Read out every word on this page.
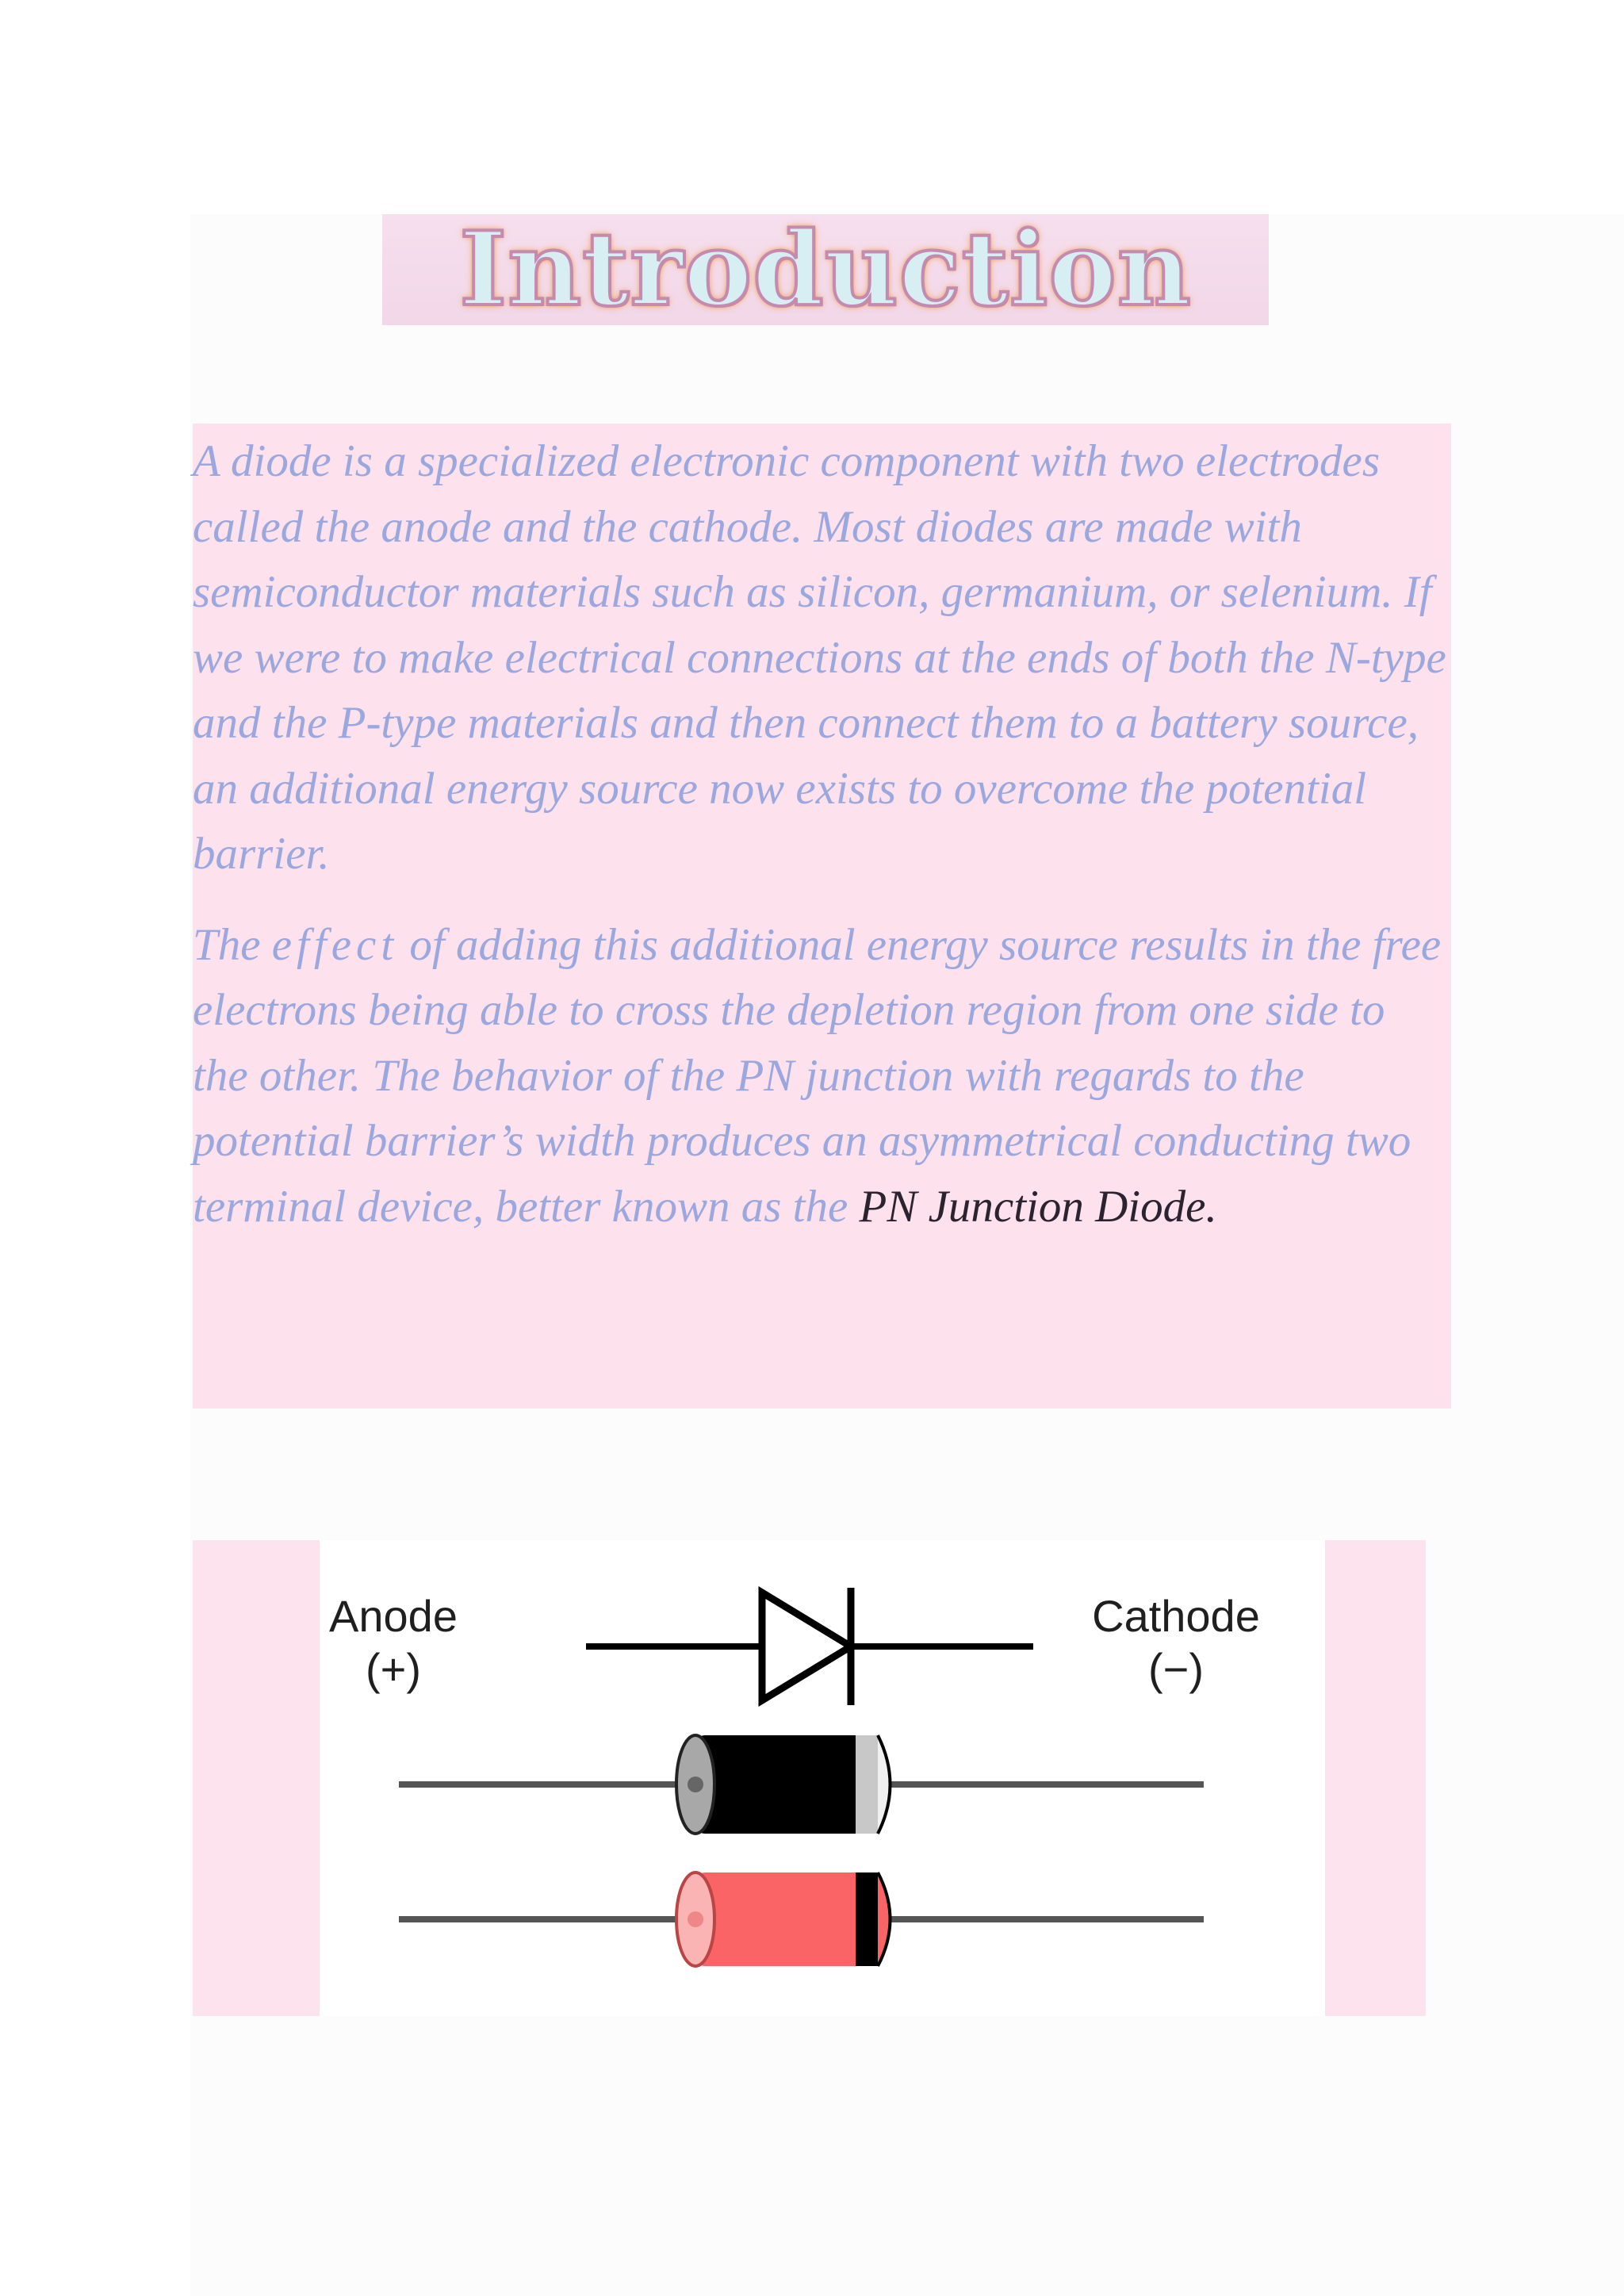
Introduction

A diode is a specialized electronic component with two electrodes called the anode and the cathode. Most diodes are made with semiconductor materials such as silicon, germanium, or selenium. If we were to make electrical connections at the ends of both the N-type and the P-type materials and then connect them to a battery source, an additional energy source now exists to overcome the potential barrier.

The effect of adding this additional energy source results in the free electrons being able to cross the depletion region from one side to the other. The behavior of the PN junction with regards to the potential barrier’s width produces an asymmetrical conducting two terminal device, better known as the PN Junction Diode.

Anode
(+)
Cathode
(−)
